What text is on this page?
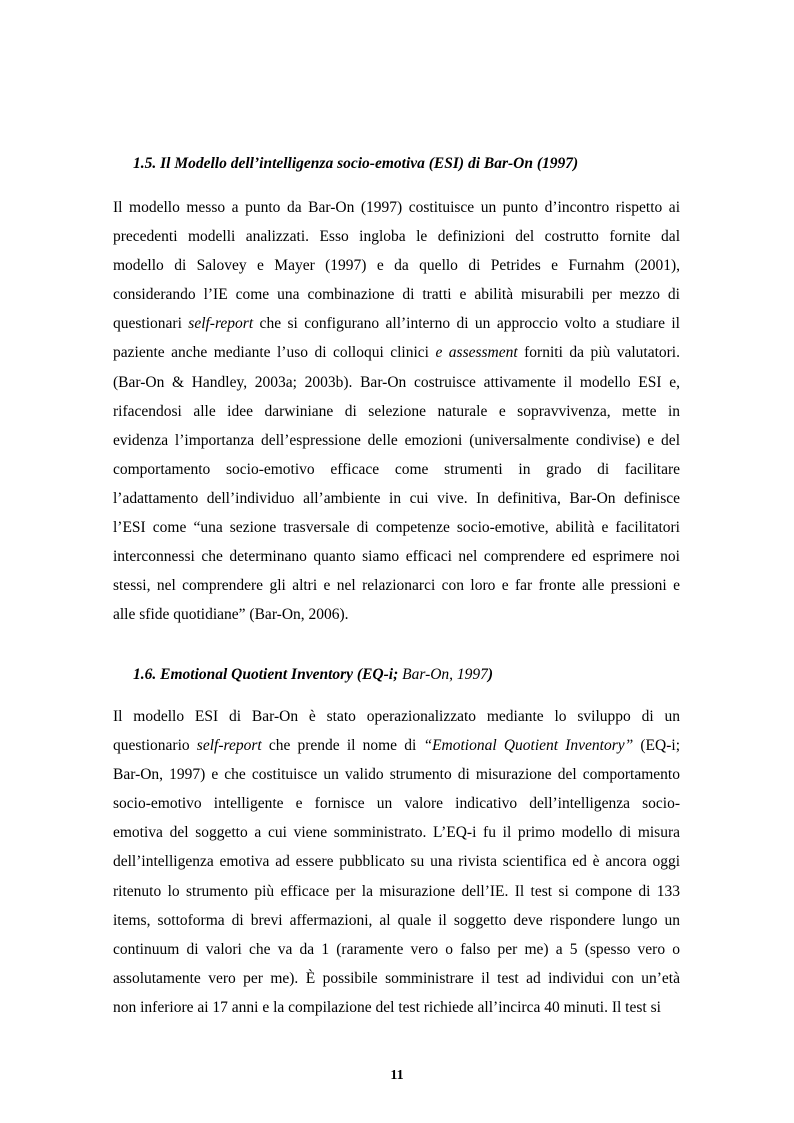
1.5. Il Modello dell’intelligenza socio-emotiva (ESI) di Bar-On (1997)
Il modello messo a punto da Bar-On (1997) costituisce un punto d’incontro rispetto ai
precedenti modelli analizzati. Esso ingloba le definizioni del costrutto fornite dal
modello di Salovey e Mayer (1997) e da quello di Petrides e Furnahm (2001),
considerando l’IE come una combinazione di tratti e abilità misurabili per mezzo di
questionari self-report che si configurano all’interno di un approccio volto a studiare il
paziente anche mediante l’uso di colloqui clinici e assessment forniti da più valutatori.
(Bar-On & Handley, 2003a; 2003b). Bar-On costruisce attivamente il modello ESI e,
rifacendosi alle idee darwiniane di selezione naturale e sopravvivenza, mette in
evidenza l’importanza dell’espressione delle emozioni (universalmente condivise) e del
comportamento socio-emotivo efficace come strumenti in grado di facilitare
l’adattamento dell’individuo all’ambiente in cui vive. In definitiva, Bar-On definisce
l’ESI come “una sezione trasversale di competenze socio-emotive, abilità e facilitatori
interconnessi che determinano quanto siamo efficaci nel comprendere ed esprimere noi
stessi, nel comprendere gli altri e nel relazionarci con loro e far fronte alle pressioni e
alle sfide quotidiane” (Bar-On, 2006).
1.6. Emotional Quotient Inventory (EQ-i; Bar-On, 1997)
Il modello ESI di Bar-On è stato operazionalizzato mediante lo sviluppo di un
questionario self-report che prende il nome di “Emotional Quotient Inventory” (EQ-i;
Bar-On, 1997) e che costituisce un valido strumento di misurazione del comportamento
socio-emotivo intelligente e fornisce un valore indicativo dell’intelligenza socio-
emotiva del soggetto a cui viene somministrato. L’EQ-i fu il primo modello di misura
dell’intelligenza emotiva ad essere pubblicato su una rivista scientifica ed è ancora oggi
ritenuto lo strumento più efficace per la misurazione dell’IE. Il test si compone di 133
items, sottoforma di brevi affermazioni, al quale il soggetto deve rispondere lungo un
continuum di valori che va da 1 (raramente vero o falso per me) a 5 (spesso vero o
assolutamente vero per me). È possibile somministrare il test ad individui con un’età
non inferiore ai 17 anni e la compilazione del test richiede all’incirca 40 minuti. Il test si
11
